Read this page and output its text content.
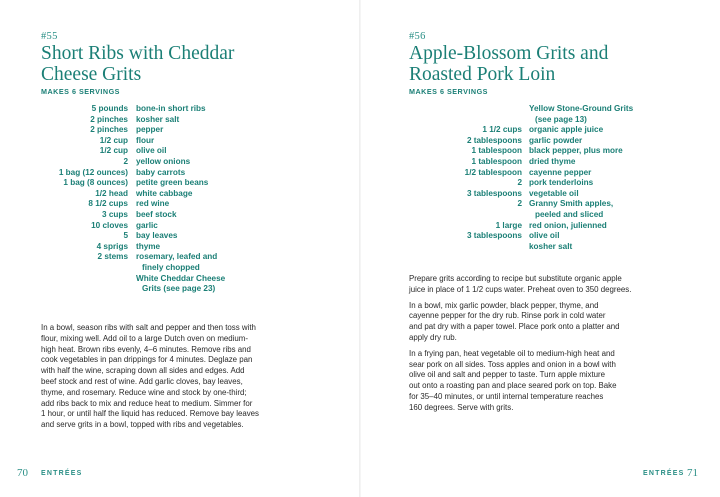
#55
Short Ribs with Cheddar
Cheese Grits
MAKES 6 SERVINGS
5 pounds bone-in short ribs
2 pinches kosher salt
2 pinches pepper
1/2 cup flour
1/2 cup olive oil
2 yellow onions
1 bag (12 ounces) baby carrots
1 bag (8 ounces) petite green beans
1/2 head white cabbage
8 1/2 cups red wine
3 cups beef stock
10 cloves garlic
5 bay leaves
4 sprigs thyme
2 stems rosemary, leafed and
finely chopped
White Cheddar Cheese
Grits (see page 23)

In a bowl, season ribs with salt and pepper and then toss with
flour, mixing well. Add oil to a large Dutch oven on medium-
high heat. Brown ribs evenly, 4–6 minutes. Remove ribs and
cook vegetables in pan drippings for 4 minutes. Deglaze pan
with half the wine, scraping down all sides and edges. Add
beef stock and rest of wine. Add garlic cloves, bay leaves,
thyme, and rosemary. Reduce wine and stock by one-third;
add ribs back to mix and reduce heat to medium. Simmer for
1 hour, or until half the liquid has reduced. Remove bay leaves
and serve grits in a bowl, topped with ribs and vegetables.

70 ENTRÉES
#56
Apple-Blossom Grits and
Roasted Pork Loin
MAKES 6 SERVINGS
Yellow Stone-Ground Grits
(see page 13)
1 1/2 cups organic apple juice
2 tablespoons garlic powder
1 tablespoon black pepper, plus more
1 tablespoon dried thyme
1/2 tablespoon cayenne pepper
2 pork tenderloins
3 tablespoons vegetable oil
2 Granny Smith apples,
peeled and sliced
1 large red onion, julienned
3 tablespoons olive oil
kosher salt

Prepare grits according to recipe but substitute organic apple
juice in place of 1 1/2 cups water. Preheat oven to 350 degrees.

In a bowl, mix garlic powder, black pepper, thyme, and
cayenne pepper for the dry rub. Rinse pork in cold water
and pat dry with a paper towel. Place pork onto a platter and
apply dry rub.

In a frying pan, heat vegetable oil to medium-high heat and
sear pork on all sides. Toss apples and onion in a bowl with
olive oil and salt and pepper to taste. Turn apple mixture
out onto a roasting pan and place seared pork on top. Bake
for 35–40 minutes, or until internal temperature reaches
160 degrees. Serve with grits.

ENTRÉES 71
